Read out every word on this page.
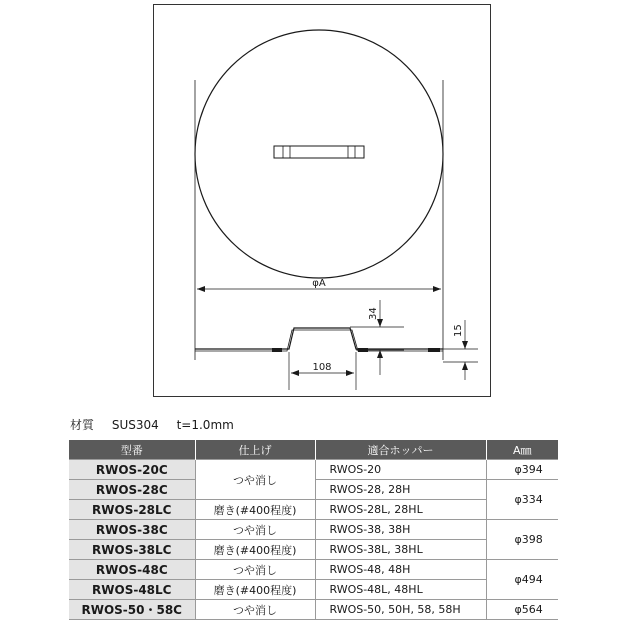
φA
34
15
108
材質 SUS304 t=1.0mm
型番	仕上げ	適合ホッパー	A㎜
RWOS-20C	つや消し	RWOS-20	φ394
RWOS-28C		RWOS-28, 28H	φ334
RWOS-28LC	磨き(#400程度)	RWOS-28L, 28HL	
RWOS-38C	つや消し	RWOS-38, 38H	φ398
RWOS-38LC	磨き(#400程度)	RWOS-38L, 38HL	
RWOS-48C	つや消し	RWOS-48, 48H	φ494
RWOS-48LC	磨き(#400程度)	RWOS-48L, 48HL	
RWOS-50・58C	つや消し	RWOS-50, 50H, 58, 58H	φ564
